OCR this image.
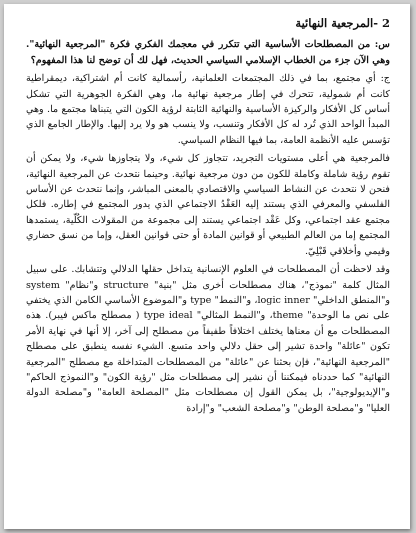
2 -المرجعية النهائية

س: من المصطلحات الأساسية التي تتكرر في معجمك الفكري فكرة "المرجعية النهائية". وهي الآن جزء من الخطاب الإسلامي السياسي الحديث، فهل لك أن توضح لنا هذا المفهوم؟

ج: أي مجتمع، بما في ذلك المجتمعات العلمانية، رأسمالية كانت أم اشتراكية، ديمقراطية كانت أم شمولية، تتحرك في إطار مرجعية نهائية ما، وهي الفكرة الجوهرية التي تشكل أساس كل الأفكار والركيزة الأساسية والنهائية الثابتة لرؤية الكون التي يتبناها مجتمع ما. وهي المبدأ الواحد الذي تُرد له كل الأفكار وتنسب، ولا ينسب هو ولا يرد إليها. والإطار الجامع الذي تؤسس عليه الأنظمة العامة، بما فيها النظام السياسي.

فالمرجعية هي أعلى مستويات التجريد، تتجاوز كل شيء، ولا يتجاوزها شيء، ولا يمكن أن تقوم رؤية شاملة وكاملة للكون من دون مرجعية نهائية. وحينما نتحدث عن المرجعية النهائية، فنحن لا نتحدث عن النشاط السياسي والاقتصادي بالمعنى المباشر، وإنما نتحدث عن الأساس الفلسفي والمعرفي الذي يستند إليه العَقْدُ الاجتماعي الذي يدور المجتمع في إطاره. فلكل مجتمع عقد اجتماعي، وكل عَقْد اجتماعي يستند إلى مجموعة من المقولات الكُلّية، يستمدها المجتمع إما من العالم الطبيعي أو قوانين المادة أو حتى قوانين العقل، وإما من نسق حضاري وقيمي وأخلاقي قَبْلِيّ.

وقد لاحظت أن المصطلحات في العلوم الإنسانية يتداخل حقلها الدلالي وتتشابك. على سبيل المثال كلمة "نموذج"، هناك مصطلحات أخرى مثل "بنية" structure و"نظام" system و"المنطق الداخلي" logic inner، و"النمط" type و"الموضوع الأساسي الكامن الذي يختفي على نص ما الوحدة" theme، و"النمط المثالي" type ideal ( مصطلح ماكس فيبر). هذه المصطلحات مع أن معناها يختلف اختلافاً طفيفاً من مصطلح إلى آخر، إلا أنها في نهاية الأمر تكون "عائلة" واحدة تشير إلى حقل دلالي واحد متسع. الشيء نفسه ينطبق على مصطلح "المرجعية النهائية"، فإن بحثنا عن "عائلة" من المصطلحات المتداخلة مع مصطلح "المرجعية النهائية" كما حددناه فيمكننا أن نشير إلى مصطلحات مثل "رؤية الكون" و"النموذج الحاكم" و"الإيديولوجية"، بل يمكن القول إن مصطلحات مثل "المصلحة العامة" و"مصلحة الدولة العليا" و"مصلحة الوطن" و"مصلحة الشعب" و"إرادة
